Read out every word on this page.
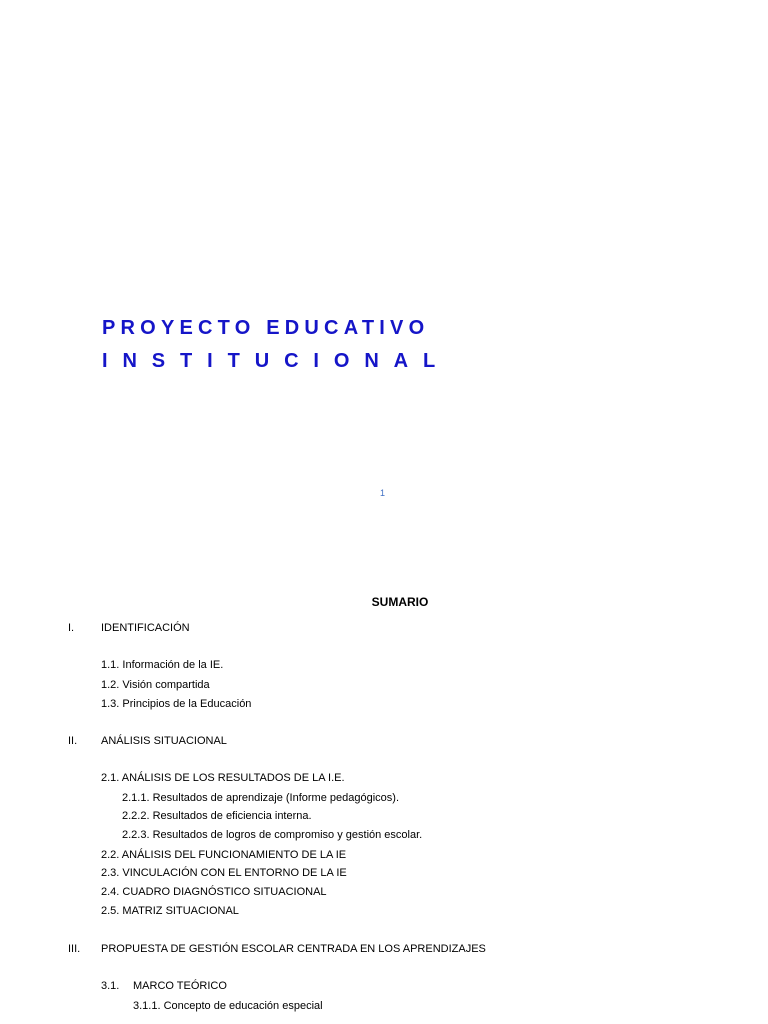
PROYECTO EDUCATIVO
INSTITUCIONAL
1
SUMARIO
I. IDENTIFICACIÓN
1.1. Información de la IE.
1.2. Visión compartida
1.3. Principios de la Educación
II. ANÁLISIS SITUACIONAL
2.1. ANÁLISIS DE LOS RESULTADOS DE LA I.E.
2.1.1. Resultados de aprendizaje (Informe pedagógicos).
2.2.2. Resultados de eficiencia interna.
2.2.3. Resultados de logros de compromiso y gestión escolar.
2.2. ANÁLISIS DEL FUNCIONAMIENTO DE LA IE
2.3. VINCULACIÓN CON EL ENTORNO DE LA IE
2.4. CUADRO DIAGNÓSTICO SITUACIONAL
2.5. MATRIZ SITUACIONAL
III. PROPUESTA DE GESTIÓN ESCOLAR CENTRADA EN LOS APRENDIZAJES
3.1. MARCO TEÓRICO
3.1.1. Concepto de educación especial
